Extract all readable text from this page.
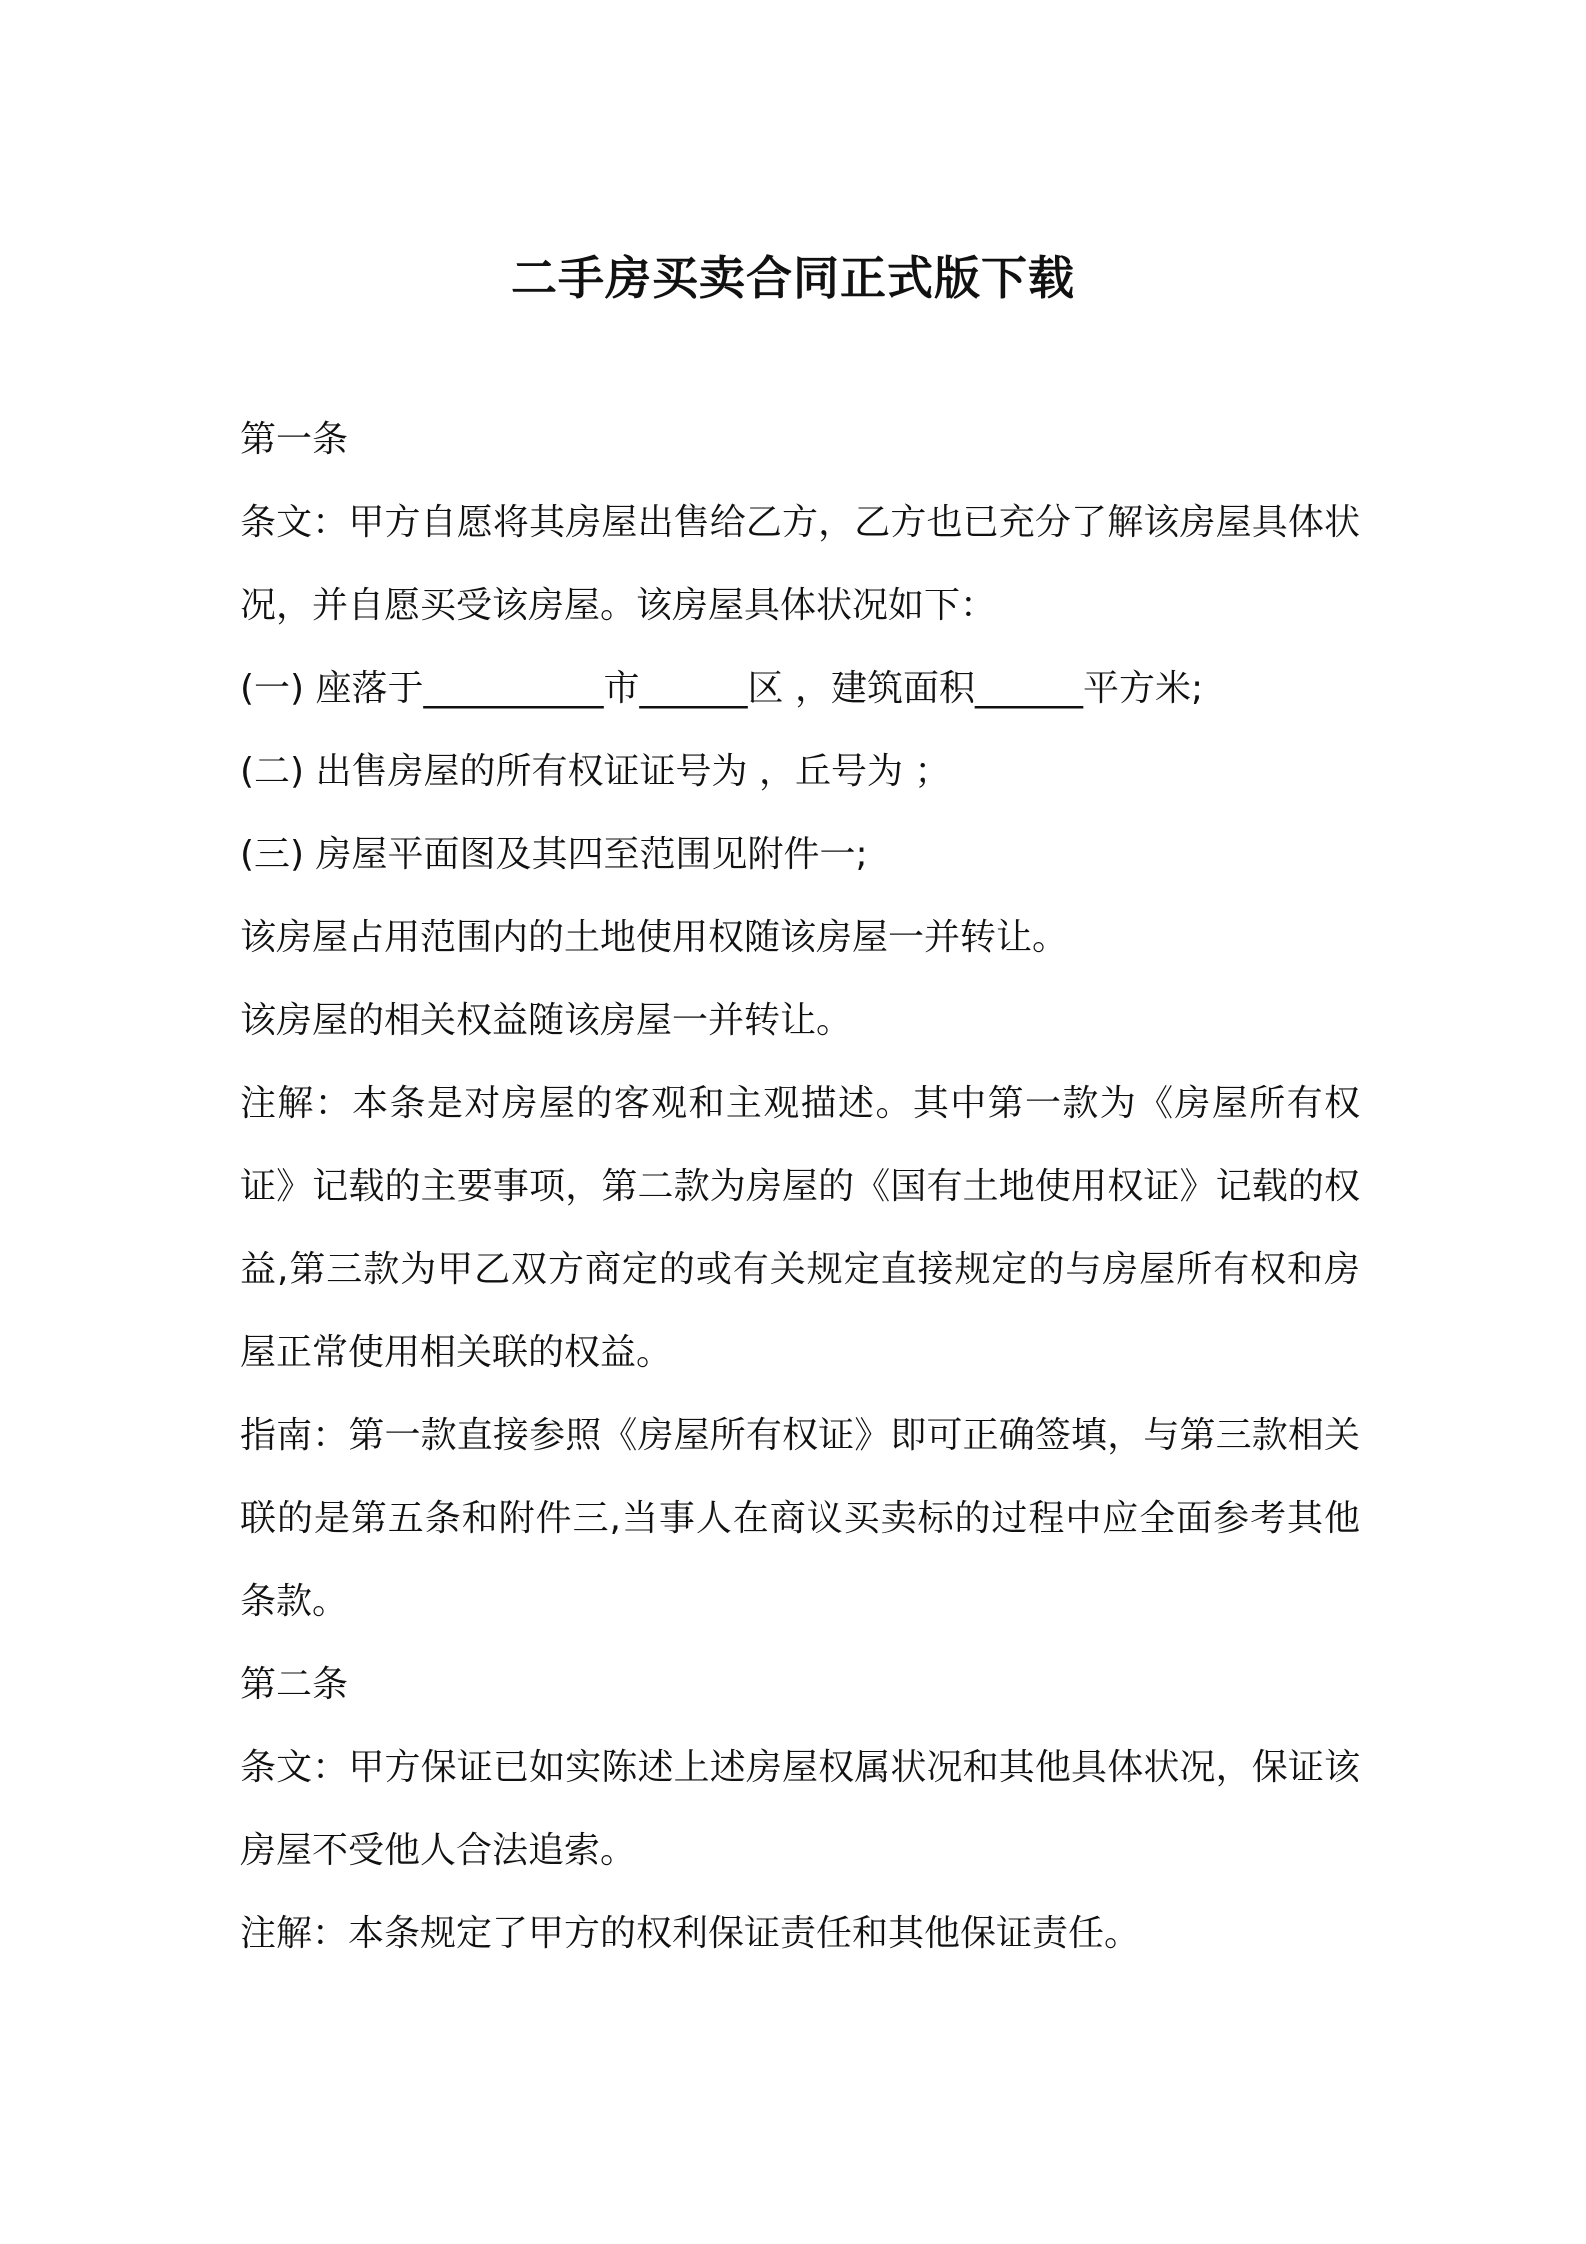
二手房买卖合同正式版下载

第一条

条文：甲方自愿将其房屋出售给乙方，乙方也已充分了解该房屋具体状况，并自愿买受该房屋。该房屋具体状况如下：

(一) 座落于__________市______区 ，建筑面积______平方米;

(二) 出售房屋的所有权证证号为 ，丘号为 ；

(三) 房屋平面图及其四至范围见附件一;

该房屋占用范围内的土地使用权随该房屋一并转让。

该房屋的相关权益随该房屋一并转让。

注解：本条是对房屋的客观和主观描述。其中第一款为《房屋所有权证》记载的主要事项，第二款为房屋的《国有土地使用权证》记载的权益,第三款为甲乙双方商定的或有关规定直接规定的与房屋所有权和房屋正常使用相关联的权益。

指南：第一款直接参照《房屋所有权证》即可正确签填，与第三款相关联的是第五条和附件三,当事人在商议买卖标的过程中应全面参考其他条款。

第二条

条文：甲方保证已如实陈述上述房屋权属状况和其他具体状况，保证该房屋不受他人合法追索。

注解：本条规定了甲方的权利保证责任和其他保证责任。
